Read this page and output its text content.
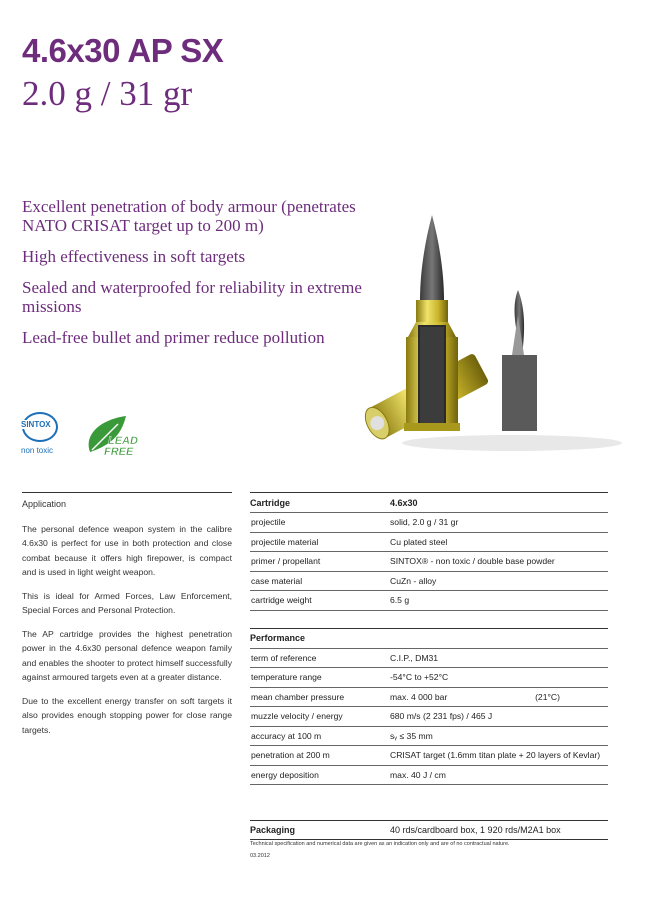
4.6x30 AP SX
2.0 g / 31 gr
Excellent penetration of body armour (penetrates NATO CRISAT target up to 200 m)
High effectiveness in soft targets
Sealed and waterproofed for reliability in extreme missions
Lead-free bullet and primer reduce pollution
SINTOX
non toxic
LEAD
FREE
Application

The personal defence weapon system in the calibre 4.6x30 is perfect for use in both protection and close combat because it offers high firepower, is compact and is used in light weight weapon.

This is ideal for Armed Forces, Law Enforcement, Special Forces and Personal Protection.

The AP cartridge provides the highest penetration power in the 4.6x30 personal defence weapon family and enables the shooter to protect himself successfully against armoured targets even at a greater distance.

Due to the excellent energy transfer on soft targets it also provides enough stopping power for close range targets.

Cartridge	4.6x30
projectile	solid, 2.0 g / 31 gr
projectile material	Cu plated steel
primer / propellant	SINTOX® - non toxic / double base powder
case material	CuZn - alloy
cartridge weight	6.5 g
Performance
term of reference	C.I.P., DM31
temperature range	-54°C to +52°C
mean chamber pressure	max. 4 000 bar	(21°C)
muzzle velocity / energy	680 m/s (2 231 fps) / 465 J
accuracy at 100 m	sᵧ ≤ 35 mm
penetration at 200 m	CRISAT target (1.6mm titan plate + 20 layers of Kevlar)
energy deposition	max. 40 J / cm
Packaging	40 rds/cardboard box, 1 920 rds/M2A1 box
Technical specification and numerical data are given as an indication only and are of no contractual nature.
03.2012
